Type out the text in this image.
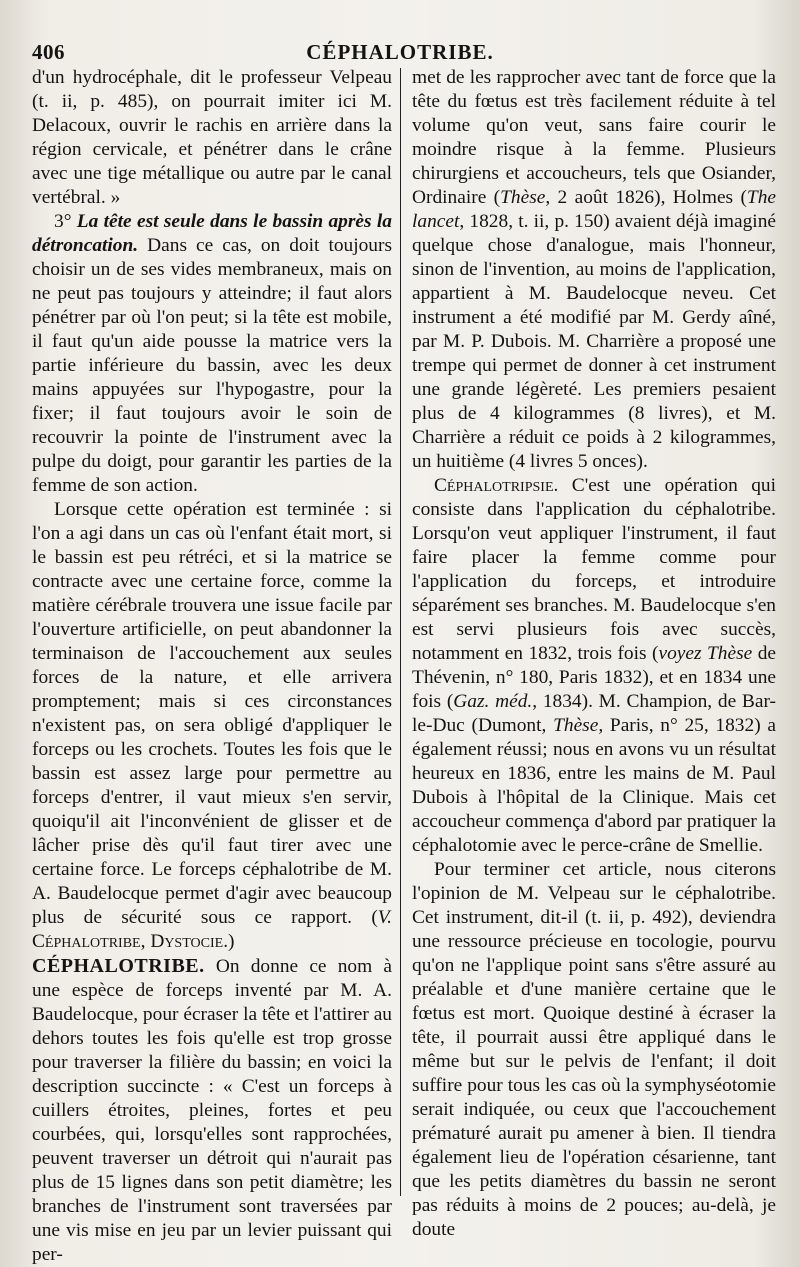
406	CÉPHALOTRIBE.

d'un hydrocéphale, dit le professeur Velpeau (t. ii, p. 485), on pourrait imiter ici M. Delacoux, ouvrir le rachis en arrière dans la région cervicale, et pénétrer dans le crâne avec une tige métallique ou autre par le canal vertébral. »

3° La tête est seule dans le bassin après la détroncation. Dans ce cas, on doit toujours choisir un de ses vides membraneux, mais on ne peut pas toujours y atteindre; il faut alors pénétrer par où l'on peut; si la tête est mobile, il faut qu'un aide pousse la matrice vers la partie inférieure du bassin, avec les deux mains appuyées sur l'hypogastre, pour la fixer; il faut toujours avoir le soin de recouvrir la pointe de l'instrument avec la pulpe du doigt, pour garantir les parties de la femme de son action.

Lorsque cette opération est terminée : si l'on a agi dans un cas où l'enfant était mort, si le bassin est peu rétréci, et si la matrice se contracte avec une certaine force, comme la matière cérébrale trouvera une issue facile par l'ouverture artificielle, on peut abandonner la terminaison de l'accouchement aux seules forces de la nature, et elle arrivera promptement; mais si ces circonstances n'existent pas, on sera obligé d'appliquer le forceps ou les crochets. Toutes les fois que le bassin est assez large pour permettre au forceps d'entrer, il vaut mieux s'en servir, quoiqu'il ait l'inconvénient de glisser et de lâcher prise dès qu'il faut tirer avec une certaine force. Le forceps céphalotribe de M. A. Baudelocque permet d'agir avec beaucoup plus de sécurité sous ce rapport. (V. Céphalotribe, Dystocie.)

CÉPHALOTRIBE. On donne ce nom à une espèce de forceps inventé par M. A. Baudelocque, pour écraser la tête et l'attirer au dehors toutes les fois qu'elle est trop grosse pour traverser la filière du bassin; en voici la description succincte : « C'est un forceps à cuillers étroites, pleines, fortes et peu courbées, qui, lorsqu'elles sont rapprochées, peuvent traverser un détroit qui n'aurait pas plus de 15 lignes dans son petit diamètre; les branches de l'instrument sont traversées par une vis mise en jeu par un levier puissant qui per-

met de les rapprocher avec tant de force que la tête du fœtus est très facilement réduite à tel volume qu'on veut, sans faire courir le moindre risque à la femme. Plusieurs chirurgiens et accoucheurs, tels que Osiander, Ordinaire (Thèse, 2 août 1826), Holmes (The lancet, 1828, t. ii, p. 150) avaient déjà imaginé quelque chose d'analogue, mais l'honneur, sinon de l'invention, au moins de l'application, appartient à M. Baudelocque neveu. Cet instrument a été modifié par M. Gerdy aîné, par M. P. Dubois. M. Charrière a proposé une trempe qui permet de donner à cet instrument une grande légèreté. Les premiers pesaient plus de 4 kilogrammes (8 livres), et M. Charrière a réduit ce poids à 2 kilogrammes, un huitième (4 livres 5 onces).

Céphalotripsie. C'est une opération qui consiste dans l'application du céphalotribe. Lorsqu'on veut appliquer l'instrument, il faut faire placer la femme comme pour l'application du forceps, et introduire séparément ses branches. M. Baudelocque s'en est servi plusieurs fois avec succès, notamment en 1832, trois fois (voyez Thèse de Thévenin, n° 180, Paris 1832), et en 1834 une fois (Gaz. méd., 1834). M. Champion, de Bar-le-Duc (Dumont, Thèse, Paris, n° 25, 1832) a également réussi; nous en avons vu un résultat heureux en 1836, entre les mains de M. Paul Dubois à l'hôpital de la Clinique. Mais cet accoucheur commença d'abord par pratiquer la céphalotomie avec le perce-crâne de Smellie.

Pour terminer cet article, nous citerons l'opinion de M. Velpeau sur le céphalotribe. Cet instrument, dit-il (t. ii, p. 492), deviendra une ressource précieuse en tocologie, pourvu qu'on ne l'applique point sans s'être assuré au préalable et d'une manière certaine que le fœtus est mort. Quoique destiné à écraser la tête, il pourrait aussi être appliqué dans le même but sur le pelvis de l'enfant; il doit suffire pour tous les cas où la symphyséotomie serait indiquée, ou ceux que l'accouchement prématuré aurait pu amener à bien. Il tiendra également lieu de l'opération césarienne, tant que les petits diamètres du bassin ne seront pas réduits à moins de 2 pouces; au-delà, je doute
